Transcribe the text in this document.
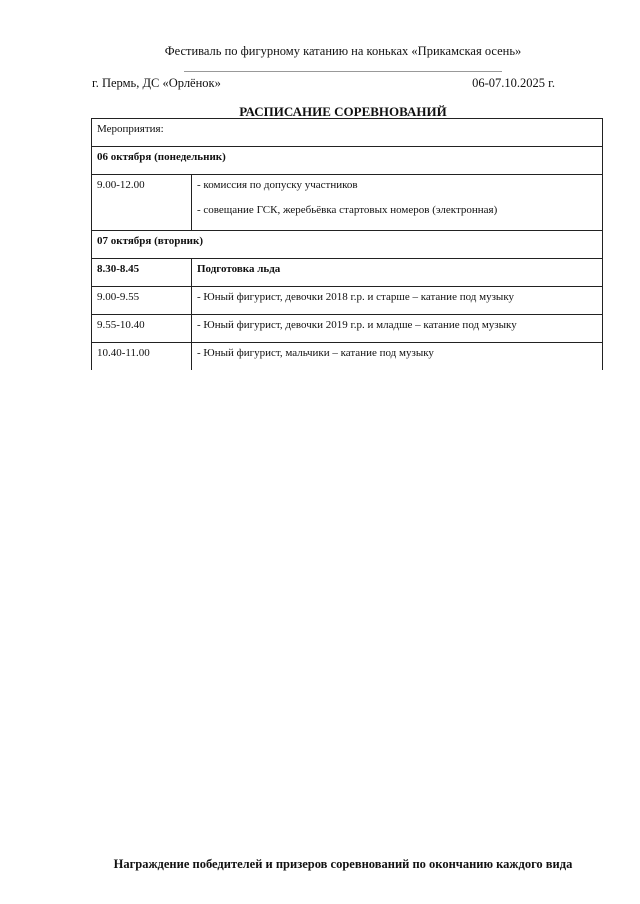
Фестиваль по фигурному катанию на коньках «Прикамская осень»
г. Пермь, ДС «Орлёнок»	06-07.10.2025 г.
РАСПИСАНИЕ СОРЕВНОВАНИЙ
Мероприятия:	
06 октября (понедельник)	
9.00-12.00	- комиссия по допуску участников
- совещание ГСК, жеребьёвка стартовых номеров (электронная)

07 октября (вторник)	
8.30-8.45	Подготовка льда
9.00-9.55	- Юный фигурист, девочки 2018 г.р. и старше – катание под музыку
9.55-10.40	- Юный фигурист, девочки 2019 г.р. и младше – катание под музыку
10.40-11.00	- Юный фигурист, мальчики – катание под музыку
Награждение победителей и призеров соревнований по окончанию каждого вида
